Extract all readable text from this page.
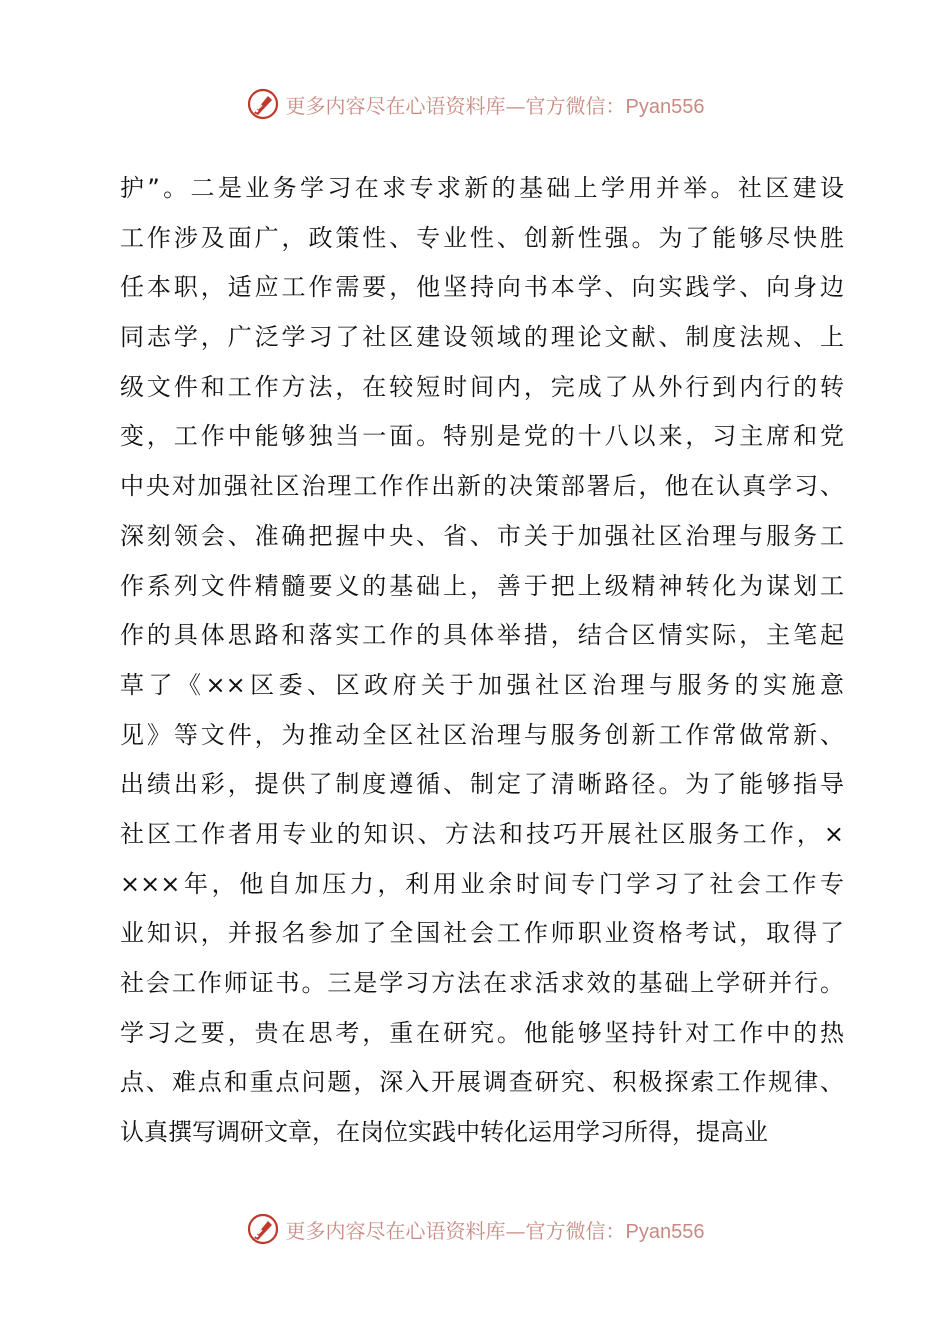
更多内容尽在心语资料库—官方微信：Pyan556
护”。二是业务学习在求专求新的基础上学用并举。社区建设
工作涉及面广，政策性、专业性、创新性强。为了能够尽快胜
任本职，适应工作需要，他坚持向书本学、向实践学、向身边
同志学，广泛学习了社区建设领域的理论文献、制度法规、上
级文件和工作方法，在较短时间内，完成了从外行到内行的转
变，工作中能够独当一面。特别是党的十八以来，习主席和党
中央对加强社区治理工作作出新的决策部署后，他在认真学习、
深刻领会、准确把握中央、省、市关于加强社区治理与服务工
作系列文件精髓要义的基础上，善于把上级精神转化为谋划工
作的具体思路和落实工作的具体举措，结合区情实际，主笔起
草了《××区委、区政府关于加强社区治理与服务的实施意
见》等文件，为推动全区社区治理与服务创新工作常做常新、
出绩出彩，提供了制度遵循、制定了清晰路径。为了能够指导
社区工作者用专业的知识、方法和技巧开展社区服务工作，×
×××年，他自加压力，利用业余时间专门学习了社会工作专
业知识，并报名参加了全国社会工作师职业资格考试，取得了
社会工作师证书。三是学习方法在求活求效的基础上学研并行。
学习之要，贵在思考，重在研究。他能够坚持针对工作中的热
点、难点和重点问题，深入开展调查研究、积极探索工作规律、
认真撰写调研文章，在岗位实践中转化运用学习所得，提高业
更多内容尽在心语资料库—官方微信：Pyan556
